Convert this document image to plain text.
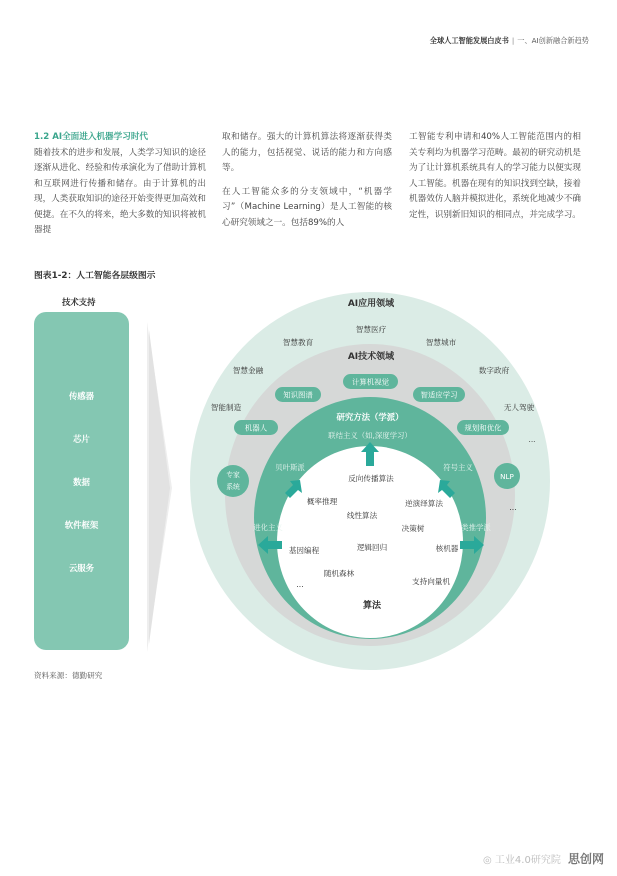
全球人工智能发展白皮书 | 一、AI创新融合新趋势
1.2 AI全面进入机器学习时代
随着技术的进步和发展，人类学习知识的途径逐渐从进化、经验和传承演化为了借助计算机和互联网进行传播和储存。由于计算机的出现，人类获取知识的途径开始变得更加高效和便捷。在不久的将来，绝大多数的知识将被机器提
取和储存。强大的计算机算法将逐渐获得类人的能力，包括视觉、说话的能力和方向感等。
在人工智能众多的分支领域中，“机器学习”（Machine Learning）是人工智能的核心研究领域之一。包括89%的人
工智能专利申请和40%人工智能范围内的相关专利均为机器学习范畴。最初的研究动机是为了让计算机系统具有人的学习能力以便实现人工智能。机器在现有的知识找到空缺，接着机器效仿人脑并模拟进化，系统化地减少不确定性，识别新旧知识的相同点，并完成学习。
图表1-2：人工智能各层级图示
技术支持
传感器
芯片
数据
软件框架
云服务
AI应用领域
AI技术领域
研究方法（学派）
联结主义（如,深度学习）
算法
智慧医疗
智慧教育	智慧城市
智慧金融	数字政府
智能制造	无人驾驶
...
计算机视觉
知识图谱	智适应学习
机器人	规划和优化
专家
系统
NLP
...
贝叶斯派	符号主义
进化主义	类推学派
反向传播算法
概率推理	逆演绎算法
线性算法
决策树
基因编程	逻辑回归	核机器
随机森林
支持向量机
...
资料来源：德勤研究
◎ 工业4.0研究院 思创网
